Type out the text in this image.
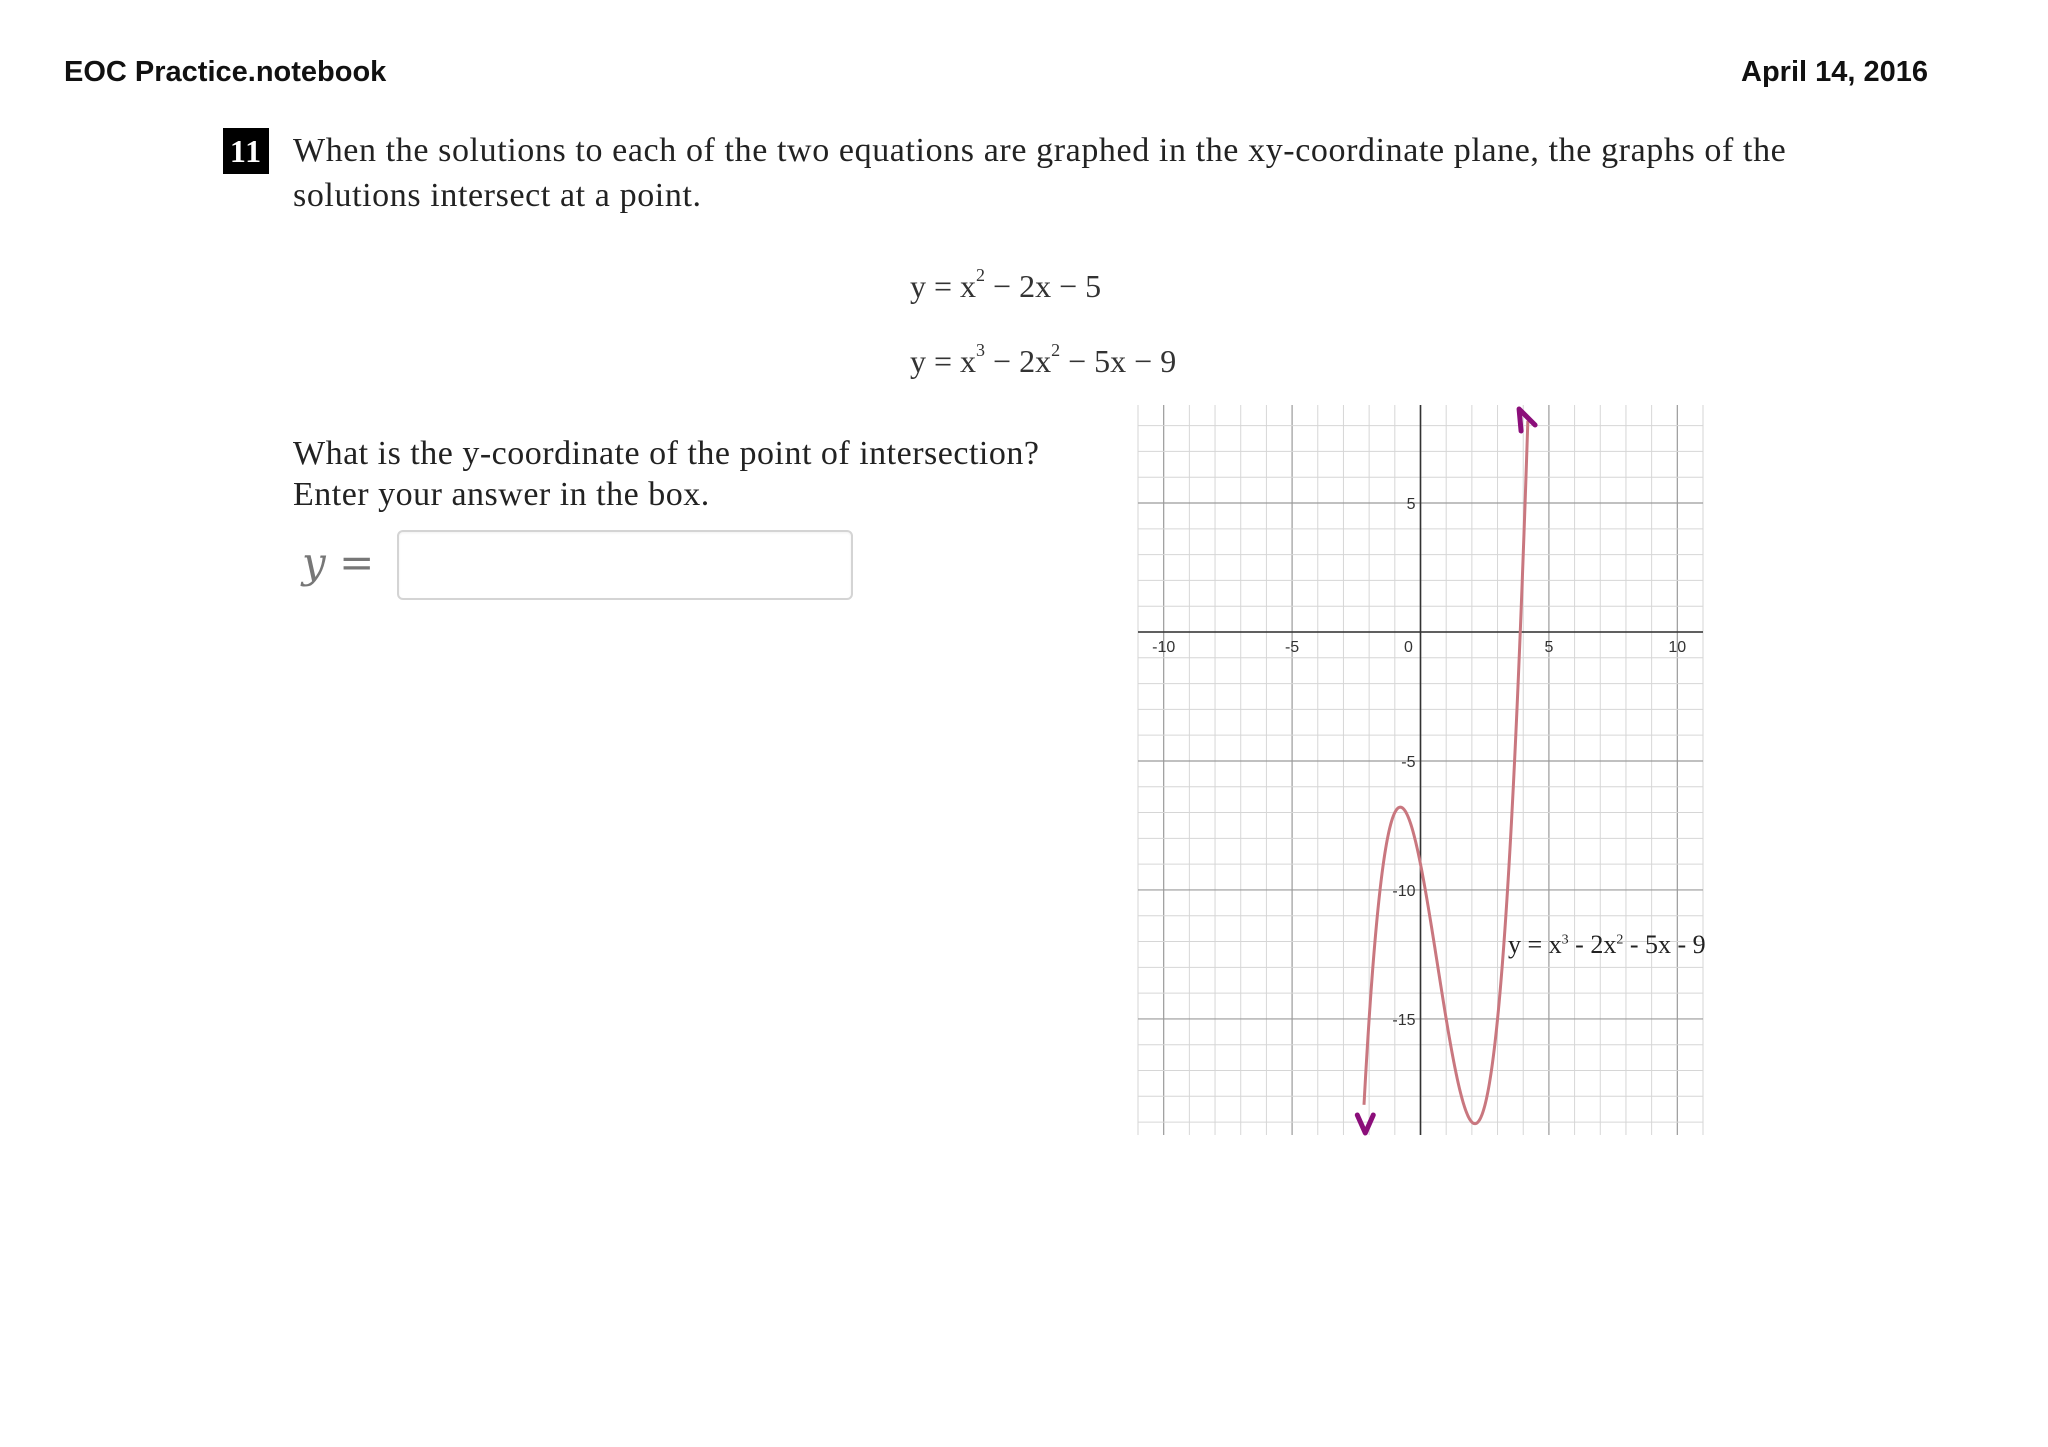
EOC Practice.notebook	April 14, 2016
11 When the solutions to each of the two equations are graphed in the xy-coordinate plane, the graphs of the solutions intersect at a point.
$y = x^2 - 2x - 5$
$y = x^3 - 2x^2 - 5x - 9$
What is the y-coordinate of the point of intersection?
Enter your answer in the box.
y =
-10	-5	0	5	10
5
-5
-10
-15
$y = x^3 - 2x^2 - 5x - 9$
